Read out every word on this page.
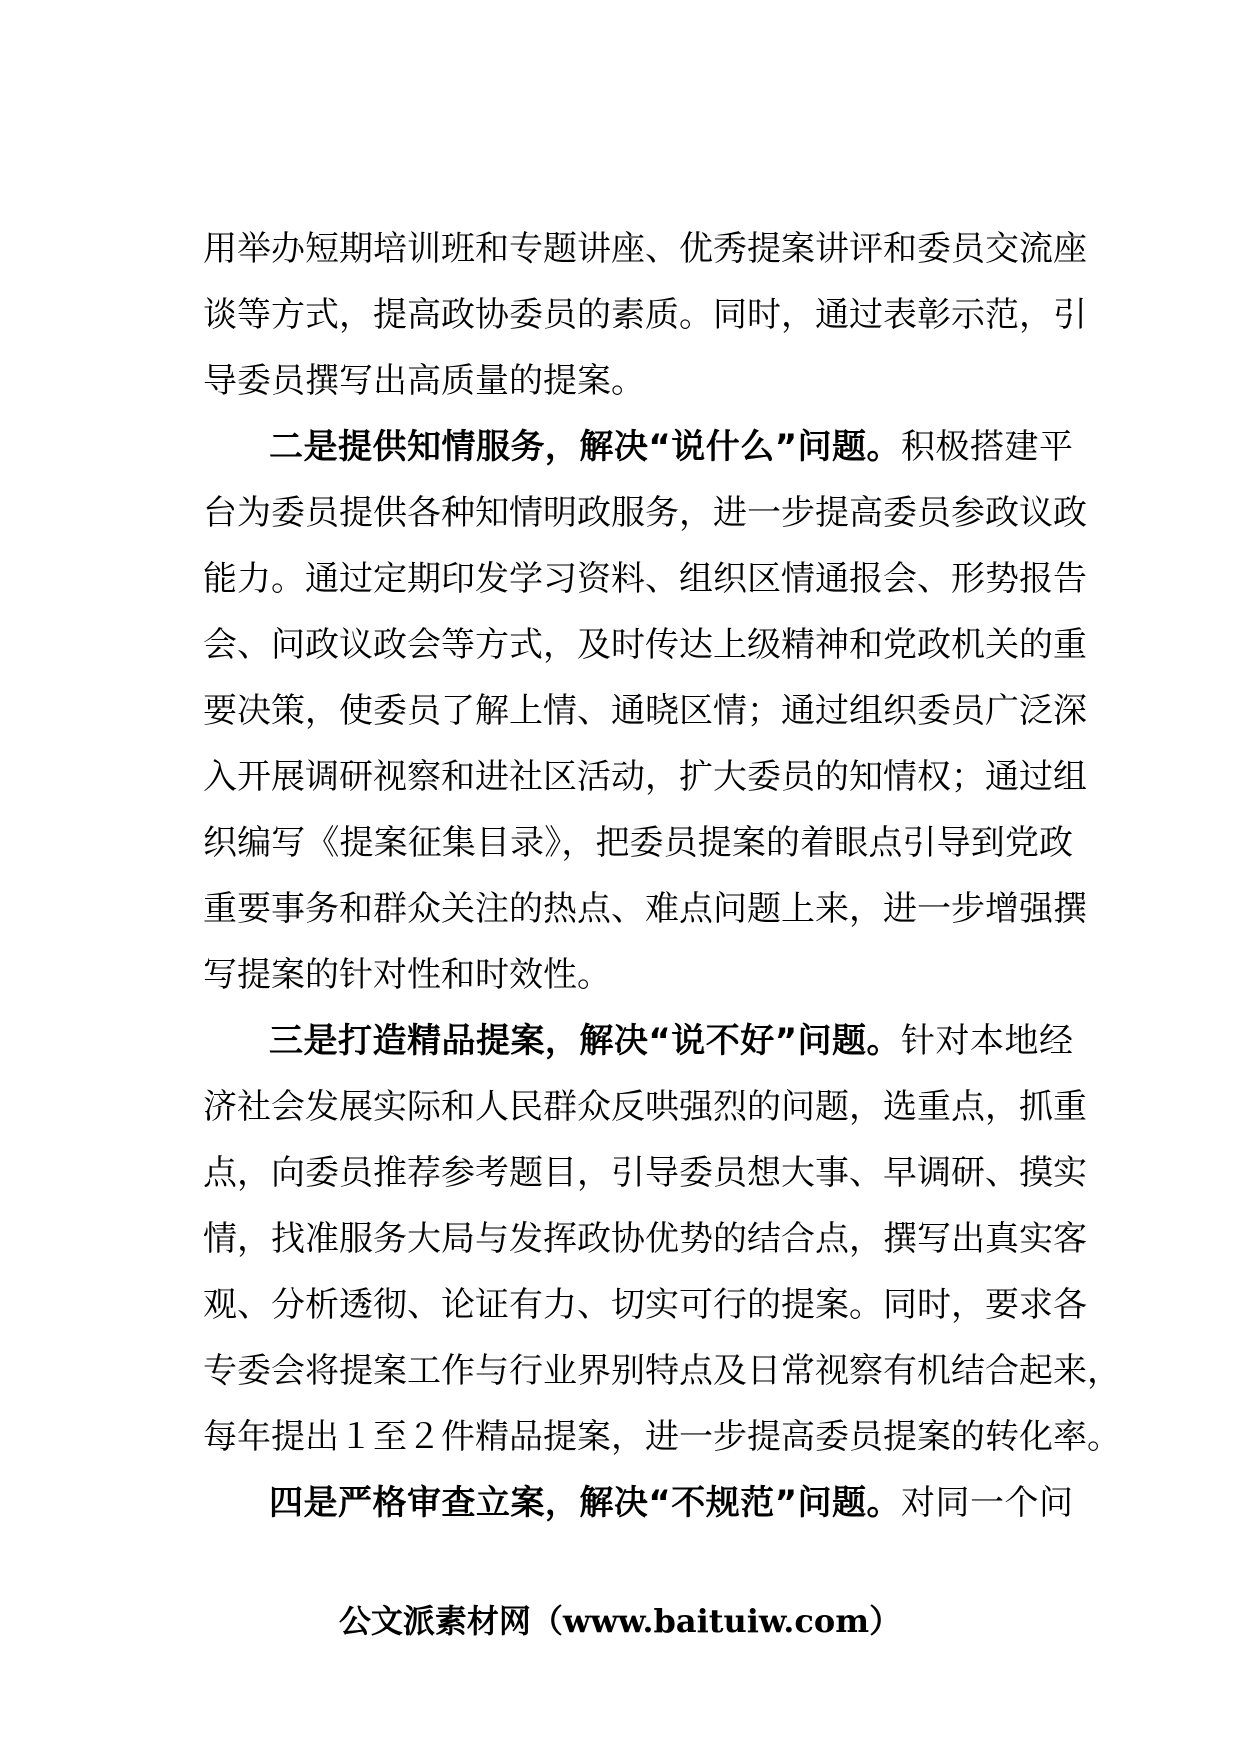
用举办短期培训班和专题讲座、优秀提案讲评和委员交流座
谈等方式，提高政协委员的素质。同时，通过表彰示范，引
导委员撰写出高质量的提案。
二是提供知情服务，解决“说什么”问题。积极搭建平
台为委员提供各种知情明政服务，进一步提高委员参政议政
能力。通过定期印发学习资料、组织区情通报会、形势报告
会、问政议政会等方式，及时传达上级精神和党政机关的重
要决策，使委员了解上情、通晓区情；通过组织委员广泛深
入开展调研视察和进社区活动，扩大委员的知情权；通过组
织编写《提案征集目录》，把委员提案的着眼点引导到党政
重要事务和群众关注的热点、难点问题上来，进一步增强撰
写提案的针对性和时效性。
三是打造精品提案，解决“说不好”问题。针对本地经
济社会发展实际和人民群众反哄强烈的问题，选重点，抓重
点，向委员推荐参考题目，引导委员想大事、早调研、摸实
情，找准服务大局与发挥政协优势的结合点，撰写出真实客
观、分析透彻、论证有力、切实可行的提案。同时，要求各
专委会将提案工作与行业界别特点及日常视察有机结合起来，
每年提出１至２件精品提案，进一步提高委员提案的转化率。
四是严格审查立案，解决“不规范”问题。对同一个问
公文派素材网（www.baituiw.com）
